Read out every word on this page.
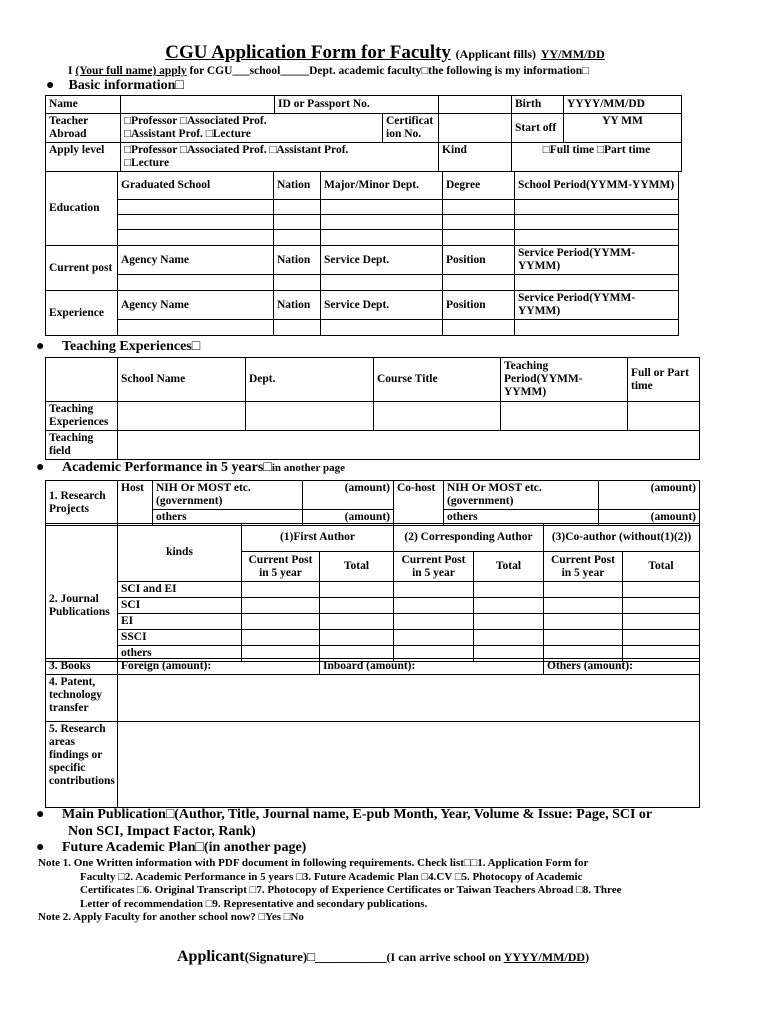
CGU Application Form for Faculty (Applicant fills) YY/MM/DD
I (Your full name) apply for CGU___school_____Dept. academic faculty□the following is my information□
● Basic information□
Name		ID or Passport No.			Birth	YYYY/MM/DD
Teacher Abroad	□Professor □Associated Prof.
□Assistant Prof. □Lecture		Certificat ion No.		Start off	YY MM
Apply level	□Professor □Associated Prof. □Assistant Prof.
□Lecture			Kind	□Full time □Part time	
Education	Graduated School	Nation	Major/Minor Dept.	Degree	School Period(YYMM-YYMM)

Current post	Agency Name	Nation	Service Dept.	Position	Service Period(YYMM-YYMM)

Experience	Agency Name	Nation	Service Dept.	Position	Service Period(YYMM-YYMM)

● Teaching Experiences□
	School Name	Dept.	Course Title	Teaching Period(YYMM-YYMM)	Full or Part time
Teaching Experiences					
Teaching field					
● Academic Performance in 5 years□in another page
1. Research Projects	Host	NIH Or MOST etc. (government)	(amount)	Co-host	NIH Or MOST etc. (government)	(amount)
		others	(amount)		others	(amount)
2. Journal Publications	kinds	(1)First Author		(2) Corresponding Author		(3)Co-author (without(1)(2))	
		Current Post in 5 year	Total	Current Post in 5 year	Total	Current Post in 5 year	Total
	SCI and EI						
	SCI						
	EI						
	SSCI						
	others						
3. Books	Foreign (amount):	Inboard (amount):	Others (amount):
4. Patent, technology transfer			
5. Research areas findings or specific contributions			
● Main Publication□(Author, Title, Journal name, E-pub Month, Year, Volume & Issue: Page, SCI or
Non SCI, Impact Factor, Rank)
● Future Academic Plan□(in another page)
Note 1. One Written information with PDF document in following requirements. Check list□□1. Application Form for
Faculty □2. Academic Performance in 5 years □3. Future Academic Plan □4.CV □5. Photocopy of Academic
Certificates □6. Original Transcript □7. Photocopy of Experience Certificates or Taiwan Teachers Abroad □8. Three
Letter of recommendation □9. Representative and secondary publications.
Note 2. Apply Faculty for another school now? □Yes □No
Applicant(Signature)□___________(I can arrive school on YYYY/MM/DD)
